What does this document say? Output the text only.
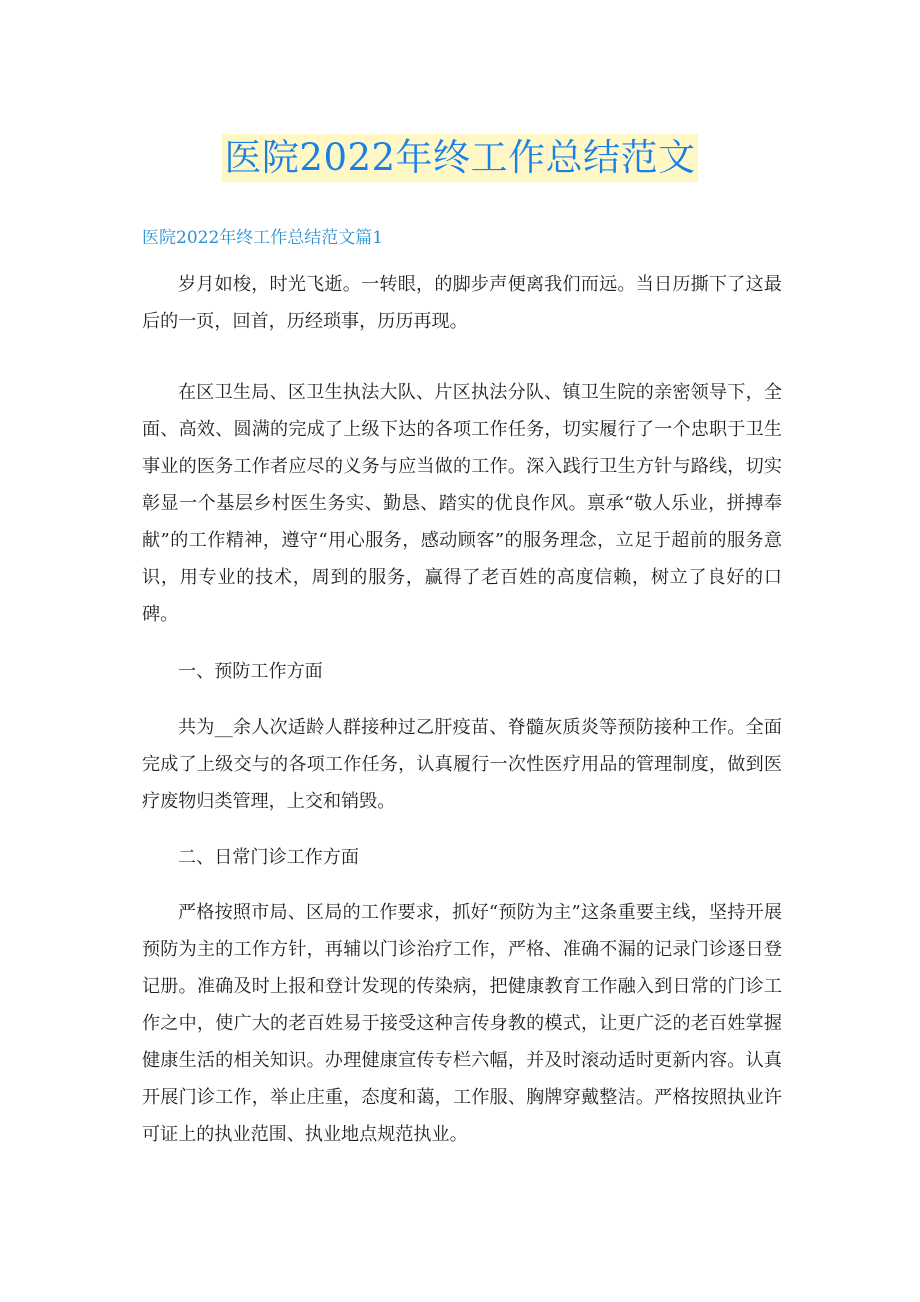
医院2022年终工作总结范文
医院2022年终工作总结范文篇1

岁月如梭，时光飞逝。一转眼，的脚步声便离我们而远。当日历撕下了这最后的一页，回首，历经琐事，历历再现。

在区卫生局、区卫生执法大队、片区执法分队、镇卫生院的亲密领导下，全面、高效、圆满的完成了上级下达的各项工作任务，切实履行了一个忠职于卫生事业的医务工作者应尽的义务与应当做的工作。深入践行卫生方针与路线，切实彰显一个基层乡村医生务实、勤恳、踏实的优良作风。禀承“敬人乐业，拼搏奉献”的工作精神，遵守“用心服务，感动顾客”的服务理念，立足于超前的服务意识，用专业的技术，周到的服务，赢得了老百姓的高度信赖，树立了良好的口碑。

一、预防工作方面

共为__余人次适龄人群接种过乙肝疫苗、脊髓灰质炎等预防接种工作。全面完成了上级交与的各项工作任务，认真履行一次性医疗用品的管理制度，做到医疗废物归类管理，上交和销毁。

二、日常门诊工作方面

严格按照市局、区局的工作要求，抓好“预防为主”这条重要主线，坚持开展预防为主的工作方针，再辅以门诊治疗工作，严格、准确不漏的记录门诊逐日登记册。准确及时上报和登计发现的传染病，把健康教育工作融入到日常的门诊工作之中，使广大的老百姓易于接受这种言传身教的模式，让更广泛的老百姓掌握健康生活的相关知识。办理健康宣传专栏六幅，并及时滚动适时更新内容。认真开展门诊工作，举止庄重，态度和蔼，工作服、胸牌穿戴整洁。严格按照执业许可证上的执业范围、执业地点规范执业。
